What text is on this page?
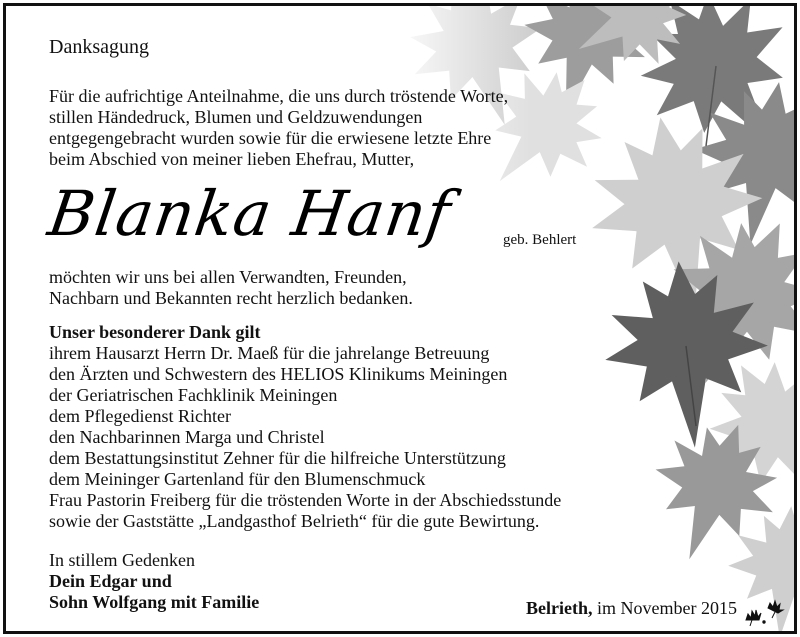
Danksagung
Für die aufrichtige Anteilnahme, die uns durch tröstende Worte,
stillen Händedruck, Blumen und Geldzuwendungen
entgegengebracht wurden sowie für die erwiesene letzte Ehre
beim Abschied von meiner lieben Ehefrau, Mutter,
Blanka Hanf	geb. Behlert
möchten wir uns bei allen Verwandten, Freunden,
Nachbarn und Bekannten recht herzlich bedanken.
Unser besonderer Dank gilt
ihrem Hausarzt Herrn Dr. Maeß für die jahrelange Betreuung
den Ärzten und Schwestern des HELIOS Klinikums Meiningen
der Geriatrischen Fachklinik Meiningen
dem Pflegedienst Richter
den Nachbarinnen Marga und Christel
dem Bestattungsinstitut Zehner für die hilfreiche Unterstützung
dem Meininger Gartenland für den Blumenschmuck
Frau Pastorin Freiberg für die tröstenden Worte in der Abschiedsstunde
sowie der Gaststätte „Landgasthof Belrieth“ für die gute Bewirtung.
In stillem Gedenken
Dein Edgar und
Sohn Wolfgang mit Familie	Belrieth, im November 2015
